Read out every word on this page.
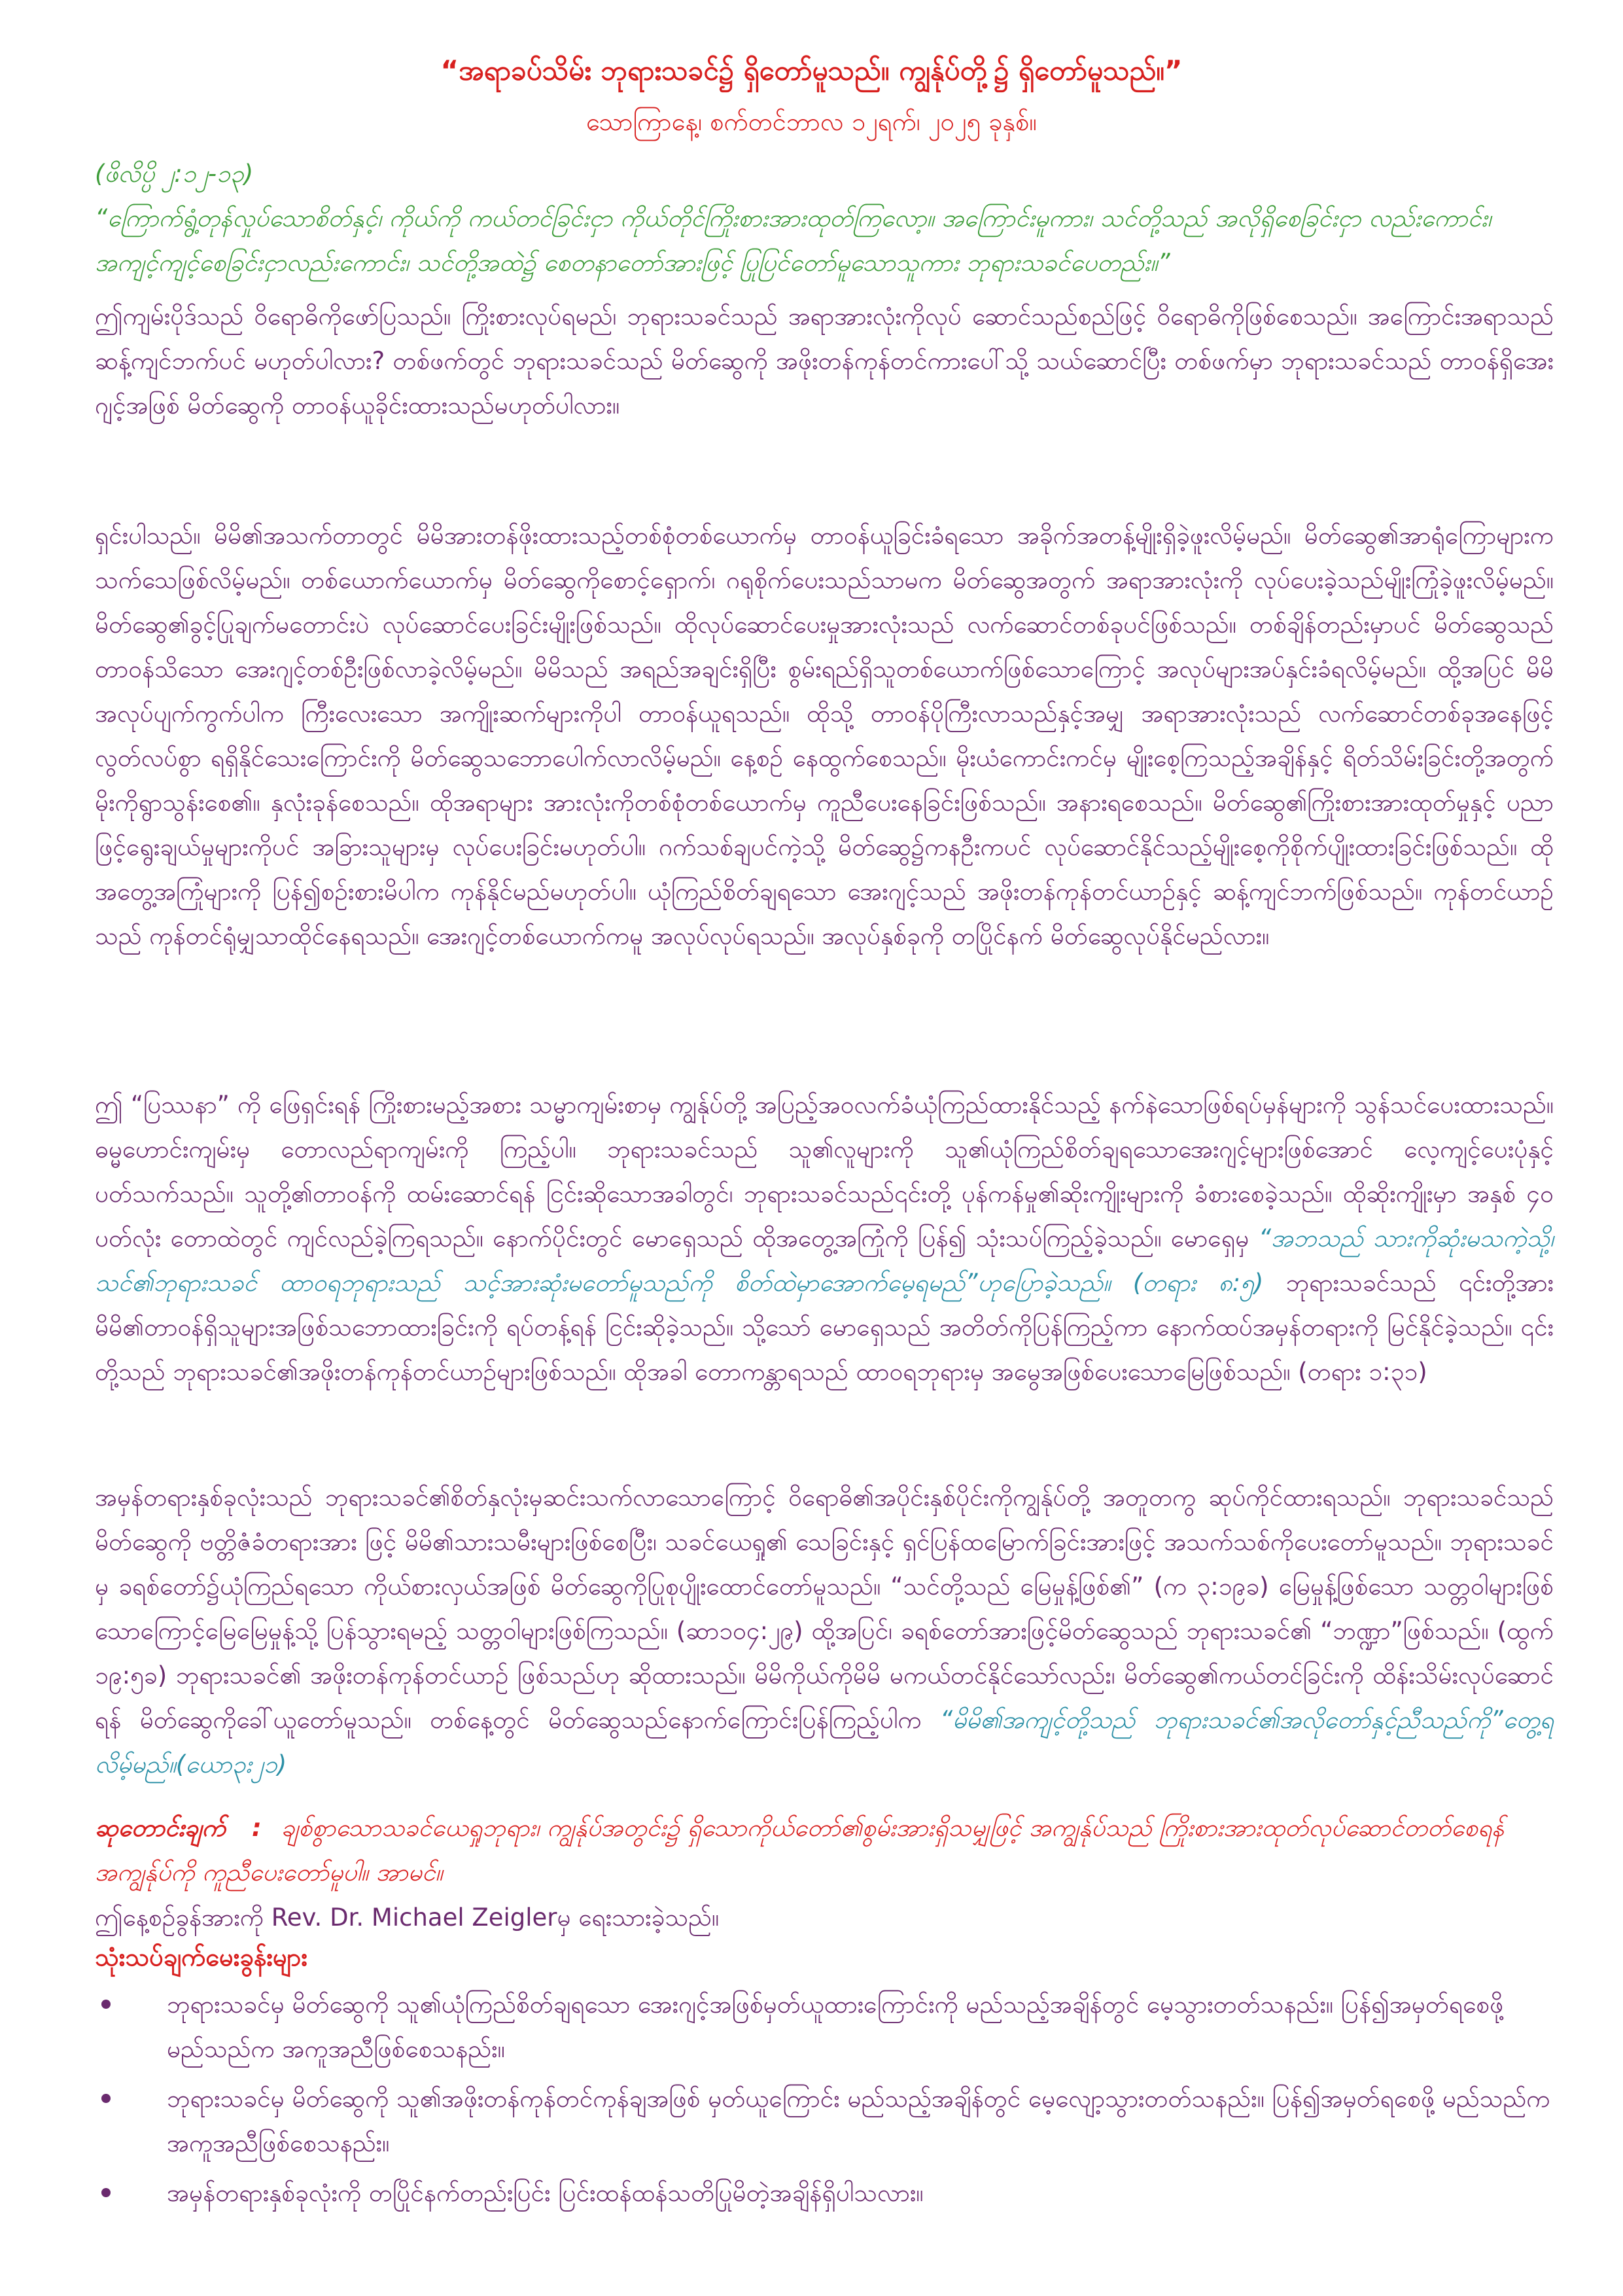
“အရာခပ်သိမ်း ဘုရားသခင်၌ ရှိတော်မူသည်။ ကျွန်ုပ်တို့၌ ရှိတော်မူသည်။”
သောကြာနေ့၊ စက်တင်ဘာလ ၁၂ရက်၊ ၂၀၂၅ ခုနှစ်။
(ဖိလိပ္ပိ ၂:၁၂-၁၃)
“ကြောက်ရွံ့တုန်လှုပ်သောစိတ်နှင့်၊ ကိုယ်ကို ကယ်တင်ခြင်းငှာ ကိုယ်တိုင်ကြိုးစားအားထုတ်ကြလော့။ အကြောင်းမူကား၊ သင်တို့သည် အလိုရှိစေခြင်းငှာ လည်းကောင်း၊ အကျင့်ကျင့်စေခြင်းငှာလည်းကောင်း၊ သင်တို့အထဲ၌ စေတနာတော်အားဖြင့် ပြုပြင်တော်မူသောသူကား ဘုရားသခင်ပေတည်း။”
ဤကျမ်းပိုဒ်သည် ဝိရောဓိကိုဖော်ပြသည်။ ကြိုးစားလုပ်ရမည်၊ ဘုရားသခင်သည် အရာအားလုံးကိုလုပ် ဆောင်သည်စည်ဖြင့် ဝိရောဓိကိုဖြစ်စေသည်။ အကြောင်းအရာသည် ဆန့်ကျင်ဘက်ပင် မဟုတ်ပါလား? တစ်ဖက်တွင် ဘုရားသခင်သည် မိတ်ဆွေကို အဖိုးတန်ကုန်တင်ကားပေါ်သို့ သယ်ဆောင်ပြီး တစ်ဖက်မှာ ဘုရားသခင်သည် တာဝန်ရှိအေးဂျင့်အဖြစ် မိတ်ဆွေကို တာဝန်ယူခိုင်းထားသည်မဟုတ်ပါလား။
ရှင်းပါသည်။ မိမိ၏အသက်တာတွင် မိမိအားတန်ဖိုးထားသည့်တစ်စုံတစ်ယောက်မှ တာဝန်ယူခြင်းခံရသော အခိုက်အတန့်မျိုးရှိခဲ့ဖူးလိမ့်မည်။ မိတ်ဆွေ၏အာရုံကြောများက သက်သေဖြစ်လိမ့်မည်။ တစ်ယောက်ယောက်မှ မိတ်ဆွေကိုစောင့်ရှောက်၊ ဂရုစိုက်ပေးသည်သာမက မိတ်ဆွေအတွက် အရာအားလုံးကို လုပ်ပေးခဲ့သည်မျိုးကြုံခဲ့ဖူးလိမ့်မည်။ မိတ်ဆွေ၏ခွင့်ပြုချက်မတောင်းပဲ လုပ်ဆောင်ပေးခြင်းမျိုးဖြစ်သည်။ ထိုလုပ်ဆောင်ပေးမှုအားလုံးသည် လက်ဆောင်တစ်ခုပင်ဖြစ်သည်။ တစ်ချိန်တည်းမှာပင် မိတ်ဆွေသည် တာဝန်သိသော အေးဂျင့်တစ်ဦးဖြစ်လာခဲ့လိမ့်မည်။ မိမိသည် အရည်အချင်းရှိပြီး စွမ်းရည်ရှိသူတစ်ယောက်ဖြစ်သောကြောင့် အလုပ်များအပ်နှင်းခံရလိမ့်မည်။ ထို့အပြင် မိမိအလုပ်ပျက်ကွက်ပါက ကြီးလေးသော အကျိုးဆက်များကိုပါ တာဝန်ယူရသည်။ ထိုသို့ တာဝန်ပိုကြီးလာသည်နှင့်အမျှ အရာအားလုံးသည် လက်ဆောင်တစ်ခုအနေဖြင့် လွတ်လပ်စွာ ရရှိနိုင်သေးကြောင်းကို မိတ်ဆွေသဘောပေါက်လာလိမ့်မည်။ နေ့စဉ် နေထွက်စေသည်။ မိုးယံကောင်းကင်မှ မျိုးစေ့ကြသည့်အချိန်နှင့် ရိတ်သိမ်းခြင်းတို့အတွက် မိုးကိုရွာသွန်းစေ၏။ နှလုံးခုန်စေသည်။ ထိုအရာများ အားလုံးကိုတစ်စုံတစ်ယောက်မှ ကူညီပေးနေခြင်းဖြစ်သည်။ အနားရစေသည်။ မိတ်ဆွေ၏ကြိုးစားအားထုတ်မှုနှင့် ပညာဖြင့်ရွေးချယ်မှုများကိုပင် အခြားသူများမှ လုပ်ပေးခြင်းမဟုတ်ပါ။ ဂက်သစ်ချပင်ကဲ့သို့ မိတ်ဆွေ၌ကနဦးကပင် လုပ်ဆောင်နိုင်သည့်မျိုးစေ့ကိုစိုက်ပျိုးထားခြင်းဖြစ်သည်။ ထိုအတွေ့အကြုံများကို ပြန်၍စဉ်းစားမိပါက ကုန်နိုင်မည်မဟုတ်ပါ။ ယုံကြည်စိတ်ချရသော အေးဂျင့်သည် အဖိုးတန်ကုန်တင်ယာဉ်နှင့် ဆန့်ကျင်ဘက်ဖြစ်သည်။ ကုန်တင်ယာဉ်သည် ကုန်တင်ရုံမျှသာထိုင်နေရသည်။ အေးဂျင့်တစ်ယောက်ကမူ အလုပ်လုပ်ရသည်။ အလုပ်နှစ်ခုကို တပြိုင်နက် မိတ်ဆွေလုပ်နိုင်မည်လား။
ဤ “ပြဿနာ” ကို ဖြေရှင်းရန် ကြိုးစားမည့်အစား သမ္မာကျမ်းစာမှ ကျွန်ုပ်တို့ အပြည့်အဝလက်ခံယုံကြည်ထားနိုင်သည့် နက်နဲသောဖြစ်ရပ်မှန်များကို သွန်သင်ပေးထားသည်။ ဓမ္မဟောင်းကျမ်းမှ တောလည်ရာကျမ်းကို ကြည့်ပါ။ ဘုရားသခင်သည် သူ၏လူများကို သူ၏ယုံကြည်စိတ်ချရသောအေးဂျင့်များဖြစ်အောင် လေ့ကျင့်ပေးပုံနှင့် ပတ်သက်သည်။ သူတို့၏တာဝန်ကို ထမ်းဆောင်ရန် ငြင်းဆိုသောအခါတွင်၊ ဘုရားသခင်သည်၎င်းတို့ ပုန်ကန်မှု၏ဆိုးကျိုးများကို ခံစားစေခဲ့သည်။ ထိုဆိုးကျိုးမှာ အနှစ် ၄၀ ပတ်လုံး တောထဲတွင် ကျင်လည်ခဲ့ကြရသည်။ နောက်ပိုင်းတွင် မောရှေသည် ထိုအတွေ့အကြုံကို ပြန်၍ သုံးသပ်ကြည့်ခဲ့သည်။ မောရှေမှ “အဘသည် သားကိုဆုံးမသကဲ့သို့၊ သင်၏ဘုရားသခင် ထာဝရဘုရားသည် သင့်အားဆုံးမတော်မူသည်ကို စိတ်ထဲမှာအောက်မေ့ရမည်”ဟုပြောခဲ့သည်။ (တရား ၈:၅) ဘုရားသခင်သည် ၎င်းတို့အား မိမိ၏တာဝန်ရှိသူများအဖြစ်သဘောထားခြင်းကို ရပ်တန့်ရန် ငြင်းဆိုခဲ့သည်။ သို့သော် မောရှေသည် အတိတ်ကိုပြန်ကြည့်ကာ နောက်ထပ်အမှန်တရားကို မြင်နိုင်ခဲ့သည်။ ၎င်းတို့သည် ဘုရားသခင်၏အဖိုးတန်ကုန်တင်ယာဉ်များဖြစ်သည်။ ထိုအခါ တောကန္တာရသည် ထာဝရဘုရားမှ အမွေအဖြစ်ပေးသောမြေဖြစ်သည်။ (တရား ၁:၃၁)
အမှန်တရားနှစ်ခုလုံးသည် ဘုရားသခင်၏စိတ်နှလုံးမှဆင်းသက်လာသောကြောင့် ဝိရောဓိ၏အပိုင်းနှစ်ပိုင်းကိုကျွန်ုပ်တို့ အတူတကွ ဆုပ်ကိုင်ထားရသည်။ ဘုရားသခင်သည် မိတ်ဆွေကို ဗတ္တိဇံခံတရားအား ဖြင့် မိမိ၏သားသမီးများဖြစ်စေပြီး၊ သခင်ယေရှု၏ သေခြင်းနှင့် ရှင်ပြန်ထမြောက်ခြင်းအားဖြင့် အသက်သစ်ကိုပေးတော်မူသည်။ ဘုရားသခင်မှ ခရစ်တော်၌ယုံကြည်ရသော ကိုယ်စားလှယ်အဖြစ် မိတ်ဆွေကိုပြုစုပျိုးထောင်တော်မူသည်။ “သင်တို့သည် မြေမှုန့်ဖြစ်၏” (က ၃:၁၉ခ) မြေမှုန့်ဖြစ်သော သတ္တဝါများဖြစ်သောကြောင့်မြေမြေမှုန့်သို့ ပြန်သွားရမည့် သတ္တဝါများဖြစ်ကြသည်။ (ဆာ၁၀၄:၂၉) ထို့အပြင်၊ ခရစ်တော်အားဖြင့်မိတ်ဆွေသည် ဘုရားသခင်၏ “ဘဏ္ဍာ”ဖြစ်သည်။ (ထွက် ၁၉:၅ခ) ဘုရားသခင်၏ အဖိုးတန်ကုန်တင်ယာဉ် ဖြစ်သည်ဟု ဆိုထားသည်။ မိမိကိုယ်ကိုမိမိ မကယ်တင်နိုင်သော်လည်း၊ မိတ်ဆွေ၏ကယ်တင်ခြင်းကို ထိန်းသိမ်းလုပ်ဆောင်ရန် မိတ်ဆွေကိုခေါ်ယူတော်မူသည်။ တစ်နေ့တွင် မိတ်ဆွေသည်နောက်ကြောင်းပြန်ကြည့်ပါက “မိမိ၏အကျင့်တို့သည် ဘုရားသခင်၏အလိုတော်နှင့်ညီသည်ကို”တွေ့ရလိမ့်မည်။(ယော၃း၂၁)
ဆုတောင်းချက် : ချစ်စွာသောသခင်ယေရှုဘုရား၊ ကျွန်ုပ်အတွင်း၌ ရှိသောကိုယ်တော်၏စွမ်းအားရှိသမျှဖြင့် အကျွန်ုပ်သည် ကြိုးစားအားထုတ်လုပ်ဆောင်တတ်စေရန် အကျွန်ုပ်ကို ကူညီပေးတော်မူပါ။ အာမင်။
ဤနေ့စဉ်ခွန်အားကို Rev. Dr. Michael Zeiglerမှ ရေးသားခဲ့သည်။
သုံးသပ်ချက်မေးခွန်းများ
ဘုရားသခင်မှ မိတ်ဆွေကို သူ၏ယုံကြည်စိတ်ချရသော အေးဂျင့်အဖြစ်မှတ်ယူထားကြောင်းကို မည်သည့်အချိန်တွင် မေ့သွားတတ်သနည်း။ ပြန်၍အမှတ်ရစေဖို့ မည်သည်က အကူအညီဖြစ်စေသနည်း။
ဘုရားသခင်မှ မိတ်ဆွေကို သူ၏အဖိုးတန်ကုန်တင်ကုန်ချအဖြစ် မှတ်ယူကြောင်း မည်သည့်အချိန်တွင် မေ့လျော့သွားတတ်သနည်း။ ပြန်၍အမှတ်ရစေဖို့ မည်သည်က အကူအညီဖြစ်စေသနည်း။
အမှန်တရားနှစ်ခုလုံးကို တပြိုင်နက်တည်းပြင်း ပြင်းထန်ထန်သတိပြုမိတဲ့အချိန်ရှိပါသလား။
